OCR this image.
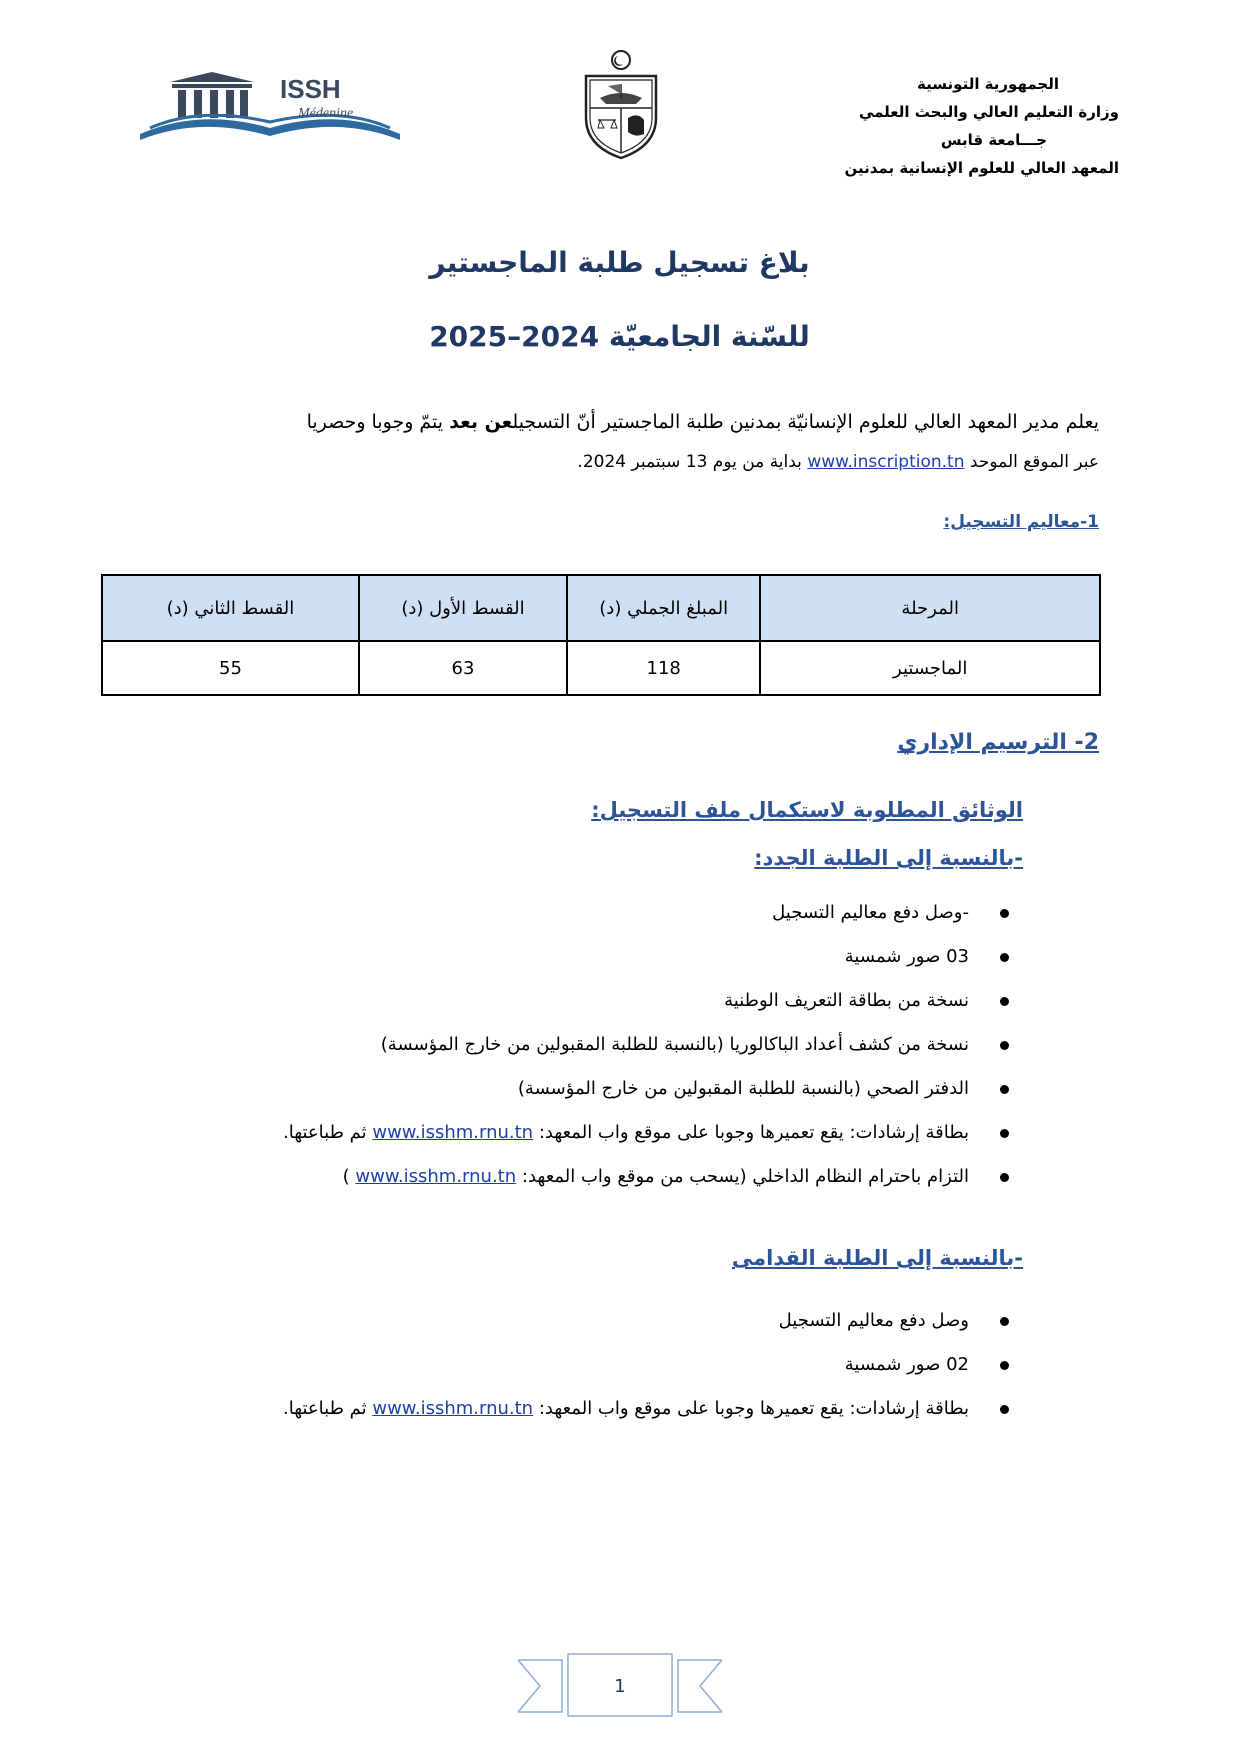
الجمهورية التونسية
وزارة التعليم العالي والبحث العلمي
جـــامعة قابس
المعهد العالي للعلوم الإنسانية بمدنين
ISSH
Médenine
بلاغ تسجيل طلبة الماجستير
للسّنة الجامعيّة 2024–2025
يعلم مدير المعهد العالي للعلوم الإنسانيّة بمدنين طلبة الماجستير أنّ التسجيلعن بعد يتمّ وجوبا وحصريا
عبر الموقع الموحد www.inscription.tn بداية من يوم 13 سبتمبر 2024.
1-معاليم التسجيل:
المرحلة	المبلغ الجملي (د)	القسط الأول (د)	القسط الثاني (د)
الماجستير	118	63	55
2- الترسيم الإداري
الوثائق المطلوبة لاستكمال ملف التسجيل:
-بالنسبة إلى الطلبة الجدد:
-وصل دفع معاليم التسجيل
03 صور شمسية
نسخة من بطاقة التعريف الوطنية
نسخة من كشف أعداد الباكالوريا (بالنسبة للطلبة المقبولين من خارج المؤسسة)
الدفتر الصحي (بالنسبة للطلبة المقبولين من خارج المؤسسة)
بطاقة إرشادات: يقع تعميرها وجوبا على موقع واب المعهد: www.isshm.rnu.tn ثم طباعتها.
التزام باحترام النظام الداخلي (يسحب من موقع واب المعهد: www.isshm.rnu.tn )
-بالنسبة إلى الطلبة القدامى
وصل دفع معاليم التسجيل
02 صور شمسية
بطاقة إرشادات: يقع تعميرها وجوبا على موقع واب المعهد: www.isshm.rnu.tn ثم طباعتها.
1
